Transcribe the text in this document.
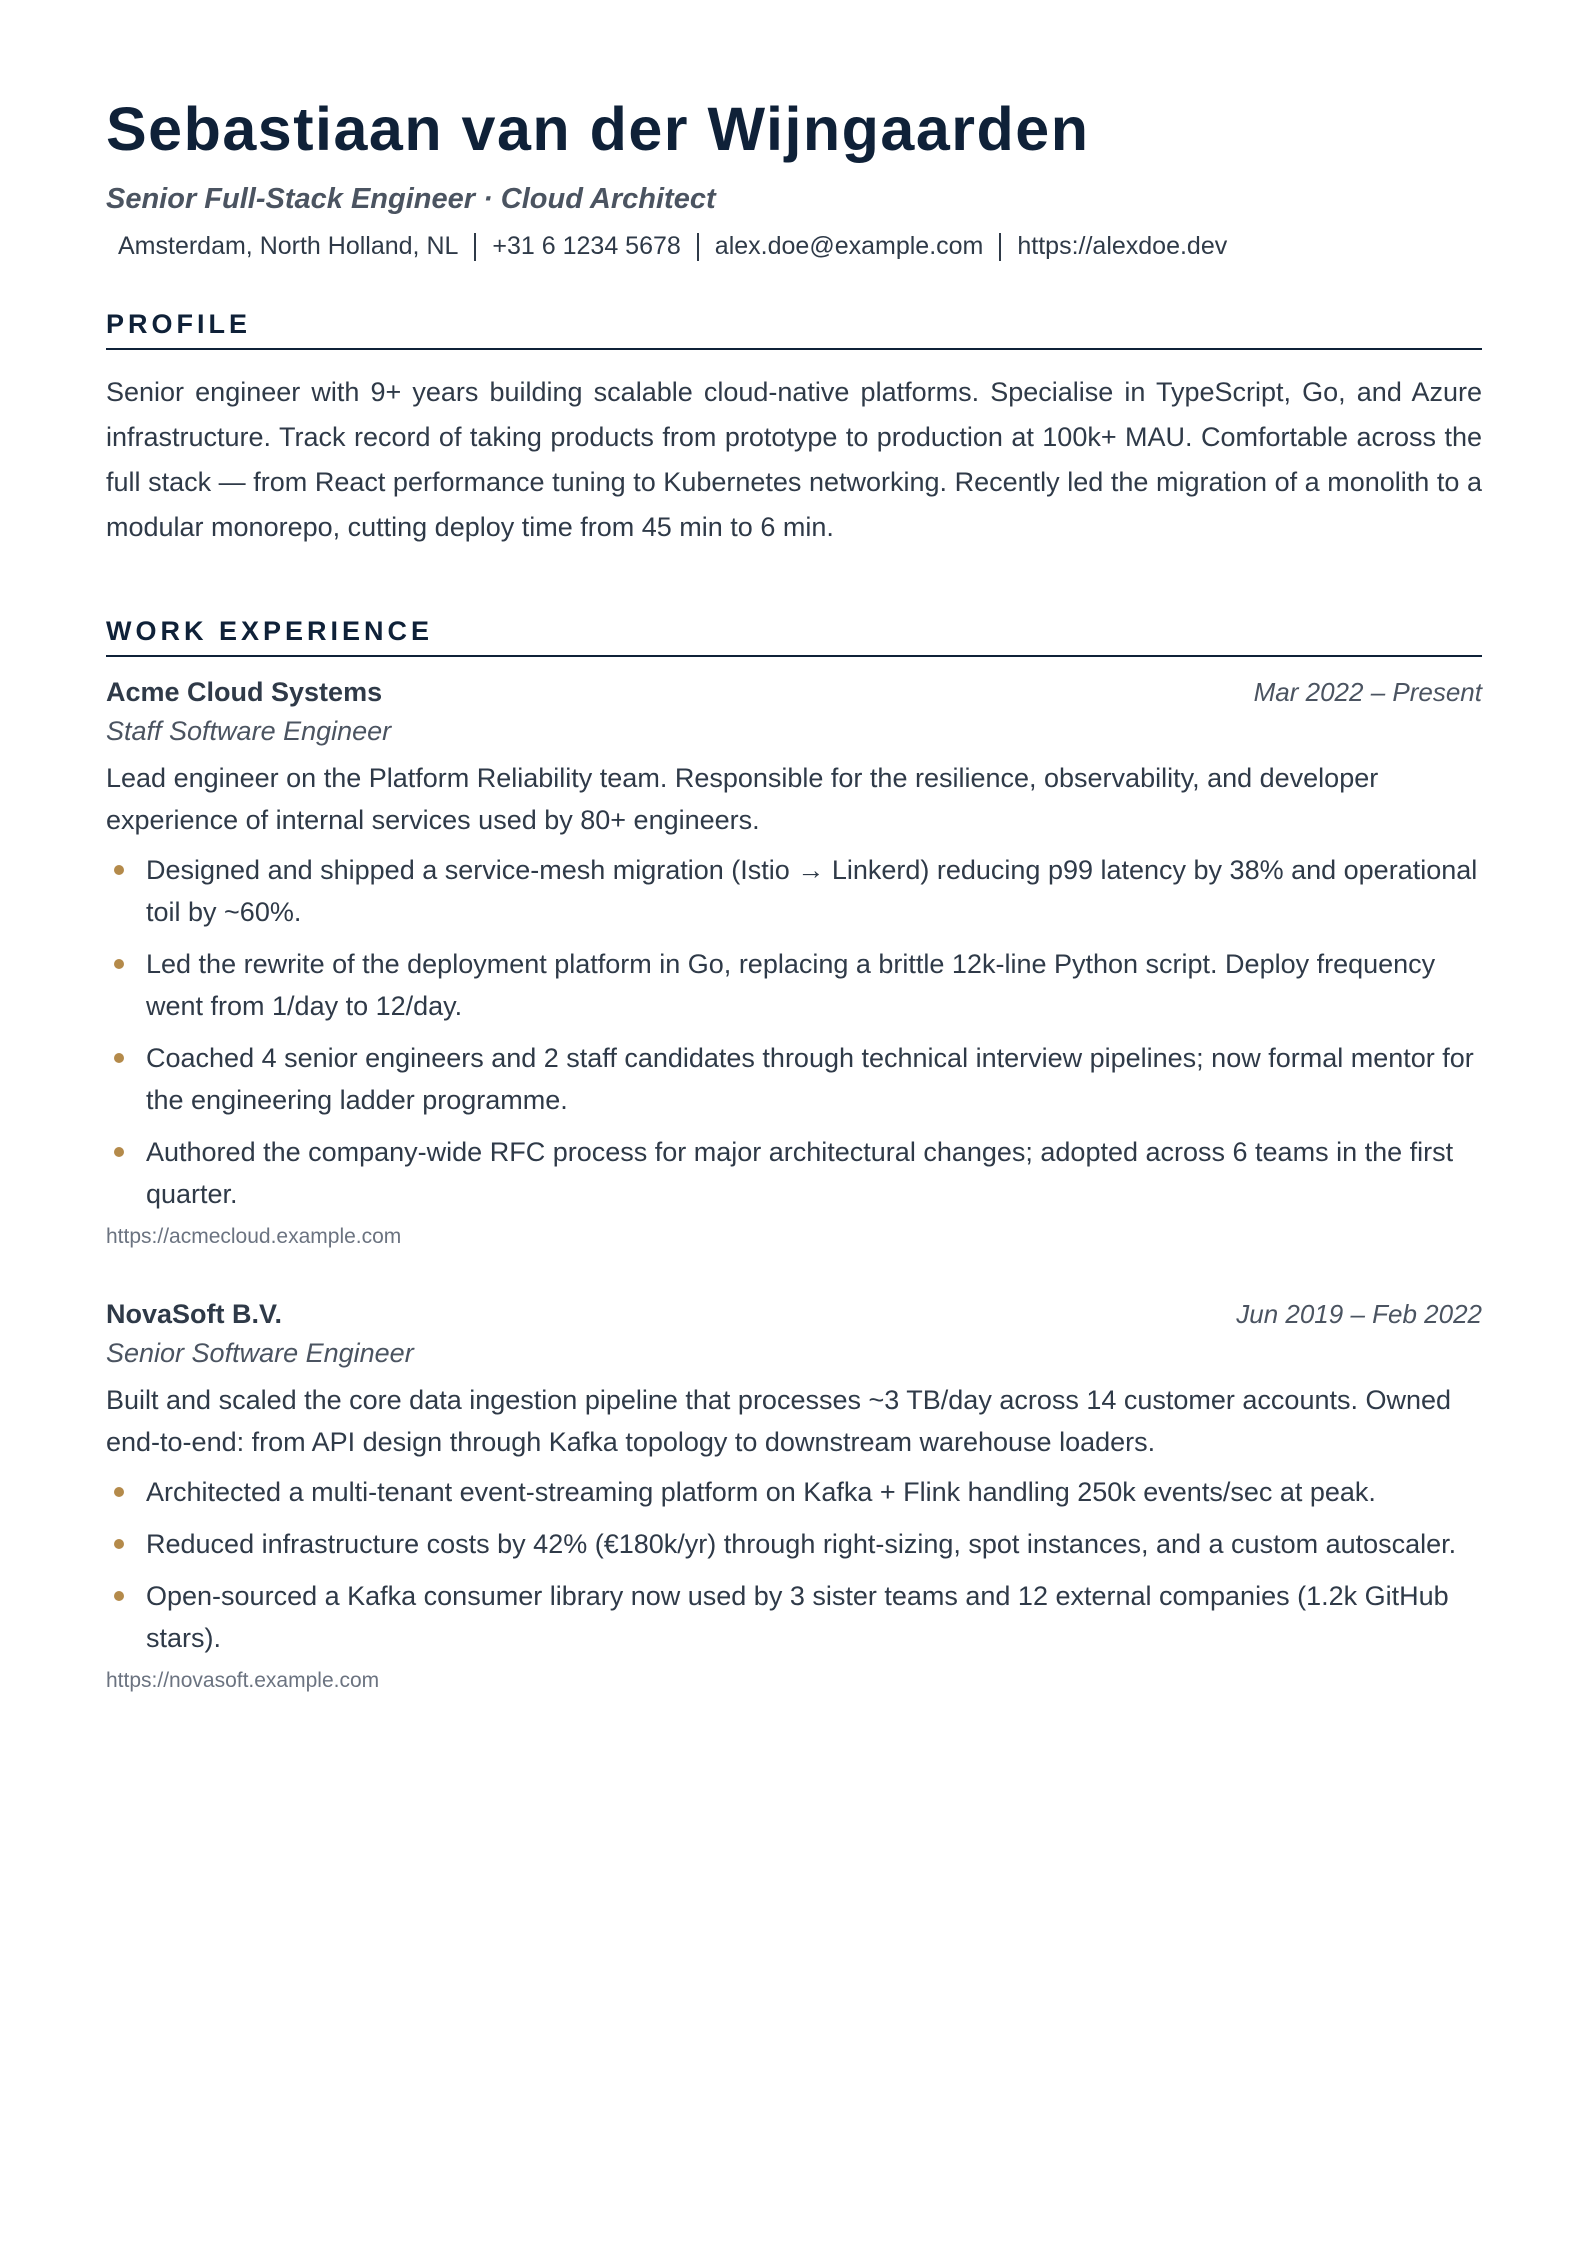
Sebastiaan van der Wijngaarden
Senior Full-Stack Engineer · Cloud Architect
Amsterdam, North Holland, NL +31 6 1234 5678 alex.doe@example.com https://alexdoe.dev
PROFILE

Senior engineer with 9+ years building scalable cloud-native platforms. Specialise in TypeScript, Go, and Azure infrastructure. Track record of taking products from prototype to production at 100k+ MAU. Comfortable across the full stack — from React performance tuning to Kubernetes networking. Recently led the migration of a monolith to a modular monorepo, cutting deploy time from 45 min to 6 min.

WORK EXPERIENCE
Acme Cloud Systems	Mar 2022 – Present
Staff Software Engineer
Lead engineer on the Platform Reliability team. Responsible for the resilience, observability, and developer experience of internal services used by 80+ engineers.
Designed and shipped a service-mesh migration (Istio → Linkerd) reducing p99 latency by 38% and operational toil by ~60%.
Led the rewrite of the deployment platform in Go, replacing a brittle 12k-line Python script. Deploy frequency went from 1/day to 12/day.
Coached 4 senior engineers and 2 staff candidates through technical interview pipelines; now formal mentor for the engineering ladder programme.
Authored the company-wide RFC process for major architectural changes; adopted across 6 teams in the first quarter.
https://acmecloud.example.com
NovaSoft B.V.	Jun 2019 – Feb 2022
Senior Software Engineer
Built and scaled the core data ingestion pipeline that processes ~3 TB/day across 14 customer accounts. Owned end-to-end: from API design through Kafka topology to downstream warehouse loaders.
Architected a multi-tenant event-streaming platform on Kafka + Flink handling 250k events/sec at peak.
Reduced infrastructure costs by 42% (€180k/yr) through right-sizing, spot instances, and a custom autoscaler.
Open-sourced a Kafka consumer library now used by 3 sister teams and 12 external companies (1.2k GitHub stars).
https://novasoft.example.com
